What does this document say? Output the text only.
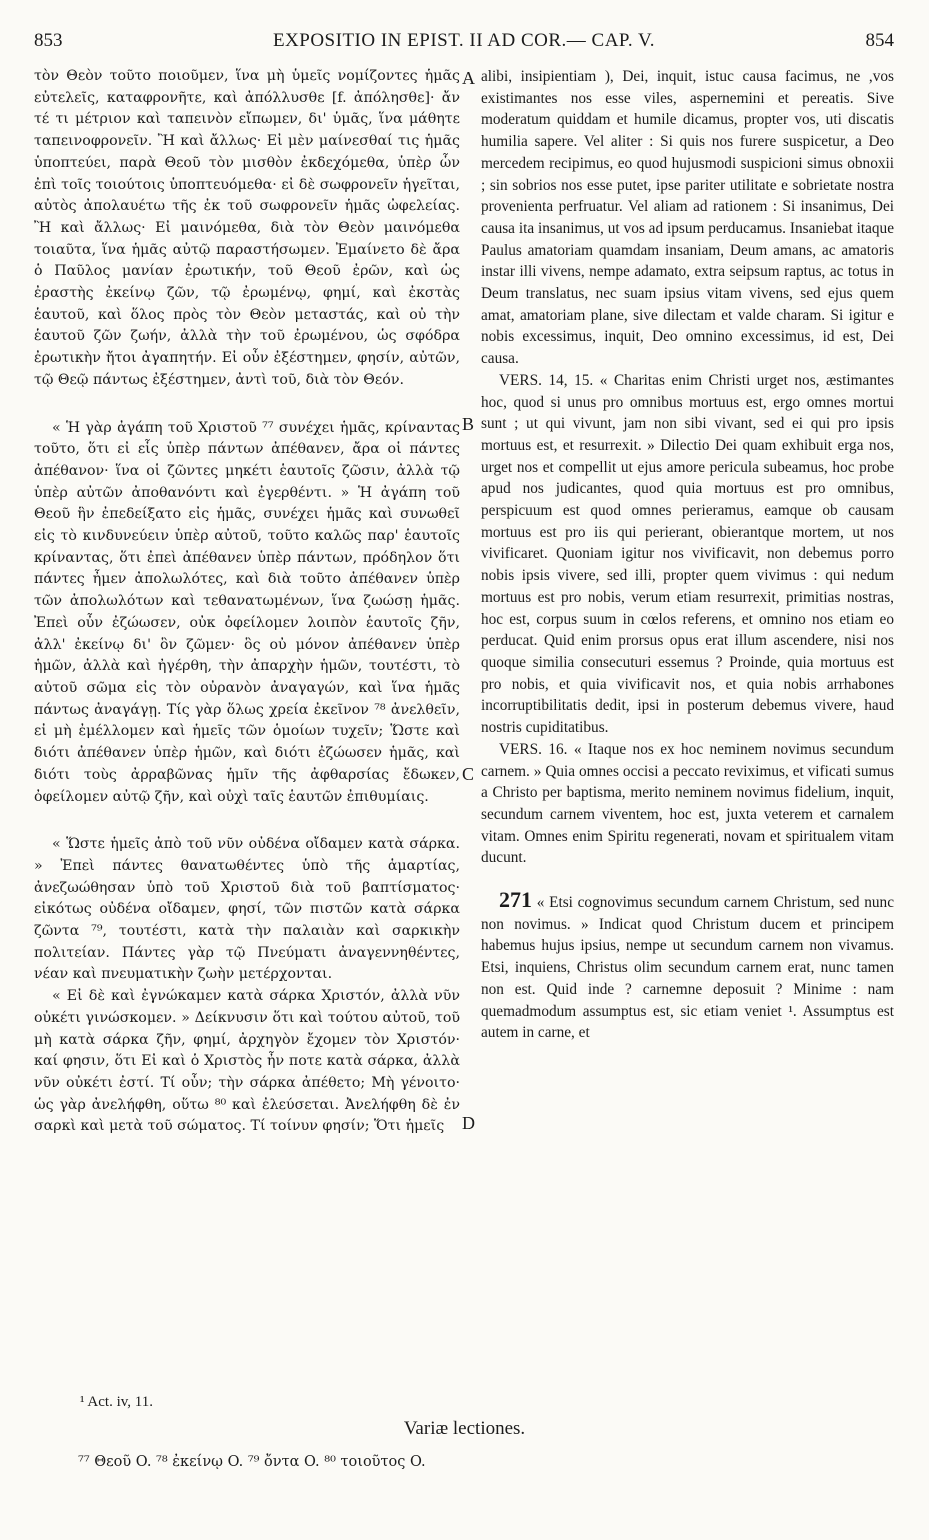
853	EXPOSITIO IN EPIST. II AD COR.— CAP. V.	854

τὸν Θεὸν τοῦτο ποιοῦμεν, ἵνα μὴ ὑμεῖς νομίζοντες ἡμᾶς εὐτελεῖς, καταφρονῆτε, καὶ ἀπόλλυσθε [f. ἀπόλησθε]· ἄν τέ τι μέτριον καὶ ταπεινὸν εἴπωμεν, δι' ὑμᾶς, ἵνα μάθητε ταπεινοφρονεῖν. Ἢ καὶ ἄλλως· Εἰ μὲν μαίνεσθαί τις ἡμᾶς ὑποπτεύει, παρὰ Θεοῦ τὸν μισθὸν ἐκδεχόμεθα, ὑπὲρ ὧν ἐπὶ τοῖς τοιούτοις ὑποπτευόμεθα· εἰ δὲ σωφρονεῖν ἡγεῖται, αὐτὸς ἀπολαυέτω τῆς ἐκ τοῦ σωφρονεῖν ἡμᾶς ὠφελείας. Ἢ καὶ ἄλλως· Εἰ μαινόμεθα, διὰ τὸν Θεὸν μαινόμεθα τοιαῦτα, ἵνα ἡμᾶς αὐτῷ παραστήσωμεν. Ἐμαίνετο δὲ ἄρα ὁ Παῦλος μανίαν ἐρωτικήν, τοῦ Θεοῦ ἐρῶν, καὶ ὡς ἐραστὴς ἐκείνῳ ζῶν, τῷ ἐρωμένῳ, φημί, καὶ ἐκστὰς ἑαυτοῦ, καὶ ὅλος πρὸς τὸν Θεὸν μεταστάς, καὶ οὐ τὴν ἑαυτοῦ ζῶν ζωήν, ἀλλὰ τὴν τοῦ ἐρωμένου, ὡς σφόδρα ἐρωτικὴν ἤτοι ἀγαπητήν. Εἰ οὖν ἐξέστημεν, φησίν, αὐτῶν, τῷ Θεῷ πάντως ἐξέστημεν, ἀντὶ τοῦ, διὰ τὸν Θεόν.

« Ἡ γὰρ ἀγάπη τοῦ Χριστοῦ ⁷⁷ συνέχει ἡμᾶς, κρίναντας τοῦτο, ὅτι εἰ εἷς ὑπὲρ πάντων ἀπέθανεν, ἄρα οἱ πάντες ἀπέθανον· ἵνα οἱ ζῶντες μηκέτι ἑαυτοῖς ζῶσιν, ἀλλὰ τῷ ὑπὲρ αὐτῶν ἀποθανόντι καὶ ἐγερθέντι. » Ἡ ἀγάπη τοῦ Θεοῦ ἣν ἐπεδείξατο εἰς ἡμᾶς, συνέχει ἡμᾶς καὶ συνωθεῖ εἰς τὸ κινδυνεύειν ὑπὲρ αὐτοῦ, τοῦτο καλῶς παρ' ἑαυτοῖς κρίναντας, ὅτι ἐπεὶ ἀπέθανεν ὑπὲρ πάντων, πρόδηλον ὅτι πάντες ἦμεν ἀπολωλότες, καὶ διὰ τοῦτο ἀπέθανεν ὑπὲρ τῶν ἀπολωλότων καὶ τεθανατωμένων, ἵνα ζωώσῃ ἡμᾶς. Ἐπεὶ οὖν ἐζώωσεν, οὐκ ὀφείλομεν λοιπὸν ἑαυτοῖς ζῆν, ἀλλ' ἐκείνῳ δι' ὃν ζῶμεν· ὃς οὐ μόνον ἀπέθανεν ὑπὲρ ἡμῶν, ἀλλὰ καὶ ἠγέρθη, τὴν ἀπαρχὴν ἡμῶν, τουτέστι, τὸ αὐτοῦ σῶμα εἰς τὸν οὐρανὸν ἀναγαγών, καὶ ἵνα ἡμᾶς πάντως ἀναγάγῃ. Τίς γὰρ ὅλως χρεία ἐκεῖνον ⁷⁸ ἀνελθεῖν, εἰ μὴ ἐμέλλομεν καὶ ἡμεῖς τῶν ὁμοίων τυχεῖν; Ὥστε καὶ διότι ἀπέθανεν ὑπὲρ ἡμῶν, καὶ διότι ἐζώωσεν ἡμᾶς, καὶ διότι τοὺς ἀρραβῶνας ἡμῖν τῆς ἀφθαρσίας ἔδωκεν, ὀφείλομεν αὐτῷ ζῆν, καὶ οὐχὶ ταῖς ἑαυτῶν ἐπιθυμίαις.

« Ὥστε ἡμεῖς ἀπὸ τοῦ νῦν οὐδένα οἴδαμεν κατὰ σάρκα. » Ἐπεὶ πάντες θανατωθέντες ὑπὸ τῆς ἁμαρτίας, ἀνεζωώθησαν ὑπὸ τοῦ Χριστοῦ διὰ τοῦ βαπτίσματος· εἰκότως οὐδένα οἴδαμεν, φησί, τῶν πιστῶν κατὰ σάρκα ζῶντα ⁷⁹, τουτέστι, κατὰ τὴν παλαιὰν καὶ σαρκικὴν πολιτείαν. Πάντες γὰρ τῷ Πνεύματι ἀναγεννηθέντες, νέαν καὶ πνευματικὴν ζωὴν μετέρχονται.

« Εἰ δὲ καὶ ἐγνώκαμεν κατὰ σάρκα Χριστόν, ἀλλὰ νῦν οὐκέτι γινώσκομεν. » Δείκνυσιν ὅτι καὶ τούτου αὐτοῦ, τοῦ μὴ κατὰ σάρκα ζῆν, φημί, ἀρχηγὸν ἔχομεν τὸν Χριστόν· καί φησιν, ὅτι Εἰ καὶ ὁ Χριστὸς ἦν ποτε κατὰ σάρκα, ἀλλὰ νῦν οὐκέτι ἐστί. Τί οὖν; τὴν σάρκα ἀπέθετο; Μὴ γένοιτο· ὡς γὰρ ἀνελήφθη, οὕτω ⁸⁰ καὶ ἐλεύσεται. Ἀνελήφθη δὲ ἐν σαρκὶ καὶ μετὰ τοῦ σώματος. Τί τοίνυν φησίν; Ὅτι ἡμεῖς

A
B
C
D

alibi, insipientiam ), Dei, inquit, istuc causa facimus, ne ,vos existimantes nos esse viles, aspernemini et pereatis. Sive moderatum quiddam et humile dicamus, propter vos, uti discatis humilia sapere. Vel aliter : Si quis nos furere suspicetur, a Deo mercedem recipimus, eo quod hujusmodi suspicioni simus obnoxii ; sin sobrios nos esse putet, ipse pariter utilitate e sobrietate nostra provenienta perfruatur. Vel aliam ad rationem : Si insanimus, Dei causa ita insanimus, ut vos ad ipsum perducamus. Insaniebat itaque Paulus amatoriam quamdam insaniam, Deum amans, ac amatoris instar illi vivens, nempe adamato, extra seipsum raptus, ac totus in Deum translatus, nec suam ipsius vitam vivens, sed ejus quem amat, amatoriam plane, sive dilectam et valde charam. Si igitur e nobis excessimus, inquit, Deo omnino excessimus, id est, Dei causa.

VERS. 14, 15. « Charitas enim Christi urget nos, æstimantes hoc, quod si unus pro omnibus mortuus est, ergo omnes mortui sunt ; ut qui vivunt, jam non sibi vivant, sed ei qui pro ipsis mortuus est, et resurrexit. » Dilectio Dei quam exhibuit erga nos, urget nos et compellit ut ejus amore pericula subeamus, hoc probe apud nos judicantes, quod quia mortuus est pro omnibus, perspicuum est quod omnes perieramus, eamque ob causam mortuus est pro iis qui perierant, obierantque mortem, ut nos vivificaret. Quoniam igitur nos vivificavit, non debemus porro nobis ipsis vivere, sed illi, propter quem vivimus : qui nedum mortuus est pro nobis, verum etiam resurrexit, primitias nostras, hoc est, corpus suum in cœlos referens, et omnino nos etiam eo perducat. Quid enim prorsus opus erat illum ascendere, nisi nos quoque similia consecuturi essemus ? Proinde, quia mortuus est pro nobis, et quia vivificavit nos, et quia nobis arrhabones incorruptibilitatis dedit, ipsi in posterum debemus vivere, haud nostris cupiditatibus.

VERS. 16. « Itaque nos ex hoc neminem novimus secundum carnem. » Quia omnes occisi a peccato reviximus, et vificati sumus a Christo per baptisma, merito neminem novimus fidelium, inquit, secundum carnem viventem, hoc est, juxta veterem et carnalem vitam. Omnes enim Spiritu regenerati, novam et spiritualem vitam ducunt.

271 « Etsi cognovimus secundum carnem Christum, sed nunc non novimus. » Indicat quod Christum ducem et principem habemus hujus ipsius, nempe ut secundum carnem non vivamus. Etsi, inquiens, Christus olim secundum carnem erat, nunc tamen non est. Quid inde ? carnemne deposuit ? Minime : nam quemadmodum assumptus est, sic etiam veniet ¹. Assumptus est autem in carne, et

¹ Act. iv, 11.
Variæ lectiones.
⁷⁷ Θεοῦ O. ⁷⁸ ἐκείνῳ O. ⁷⁹ ὄντα O. ⁸⁰ τοιοῦτος O.
